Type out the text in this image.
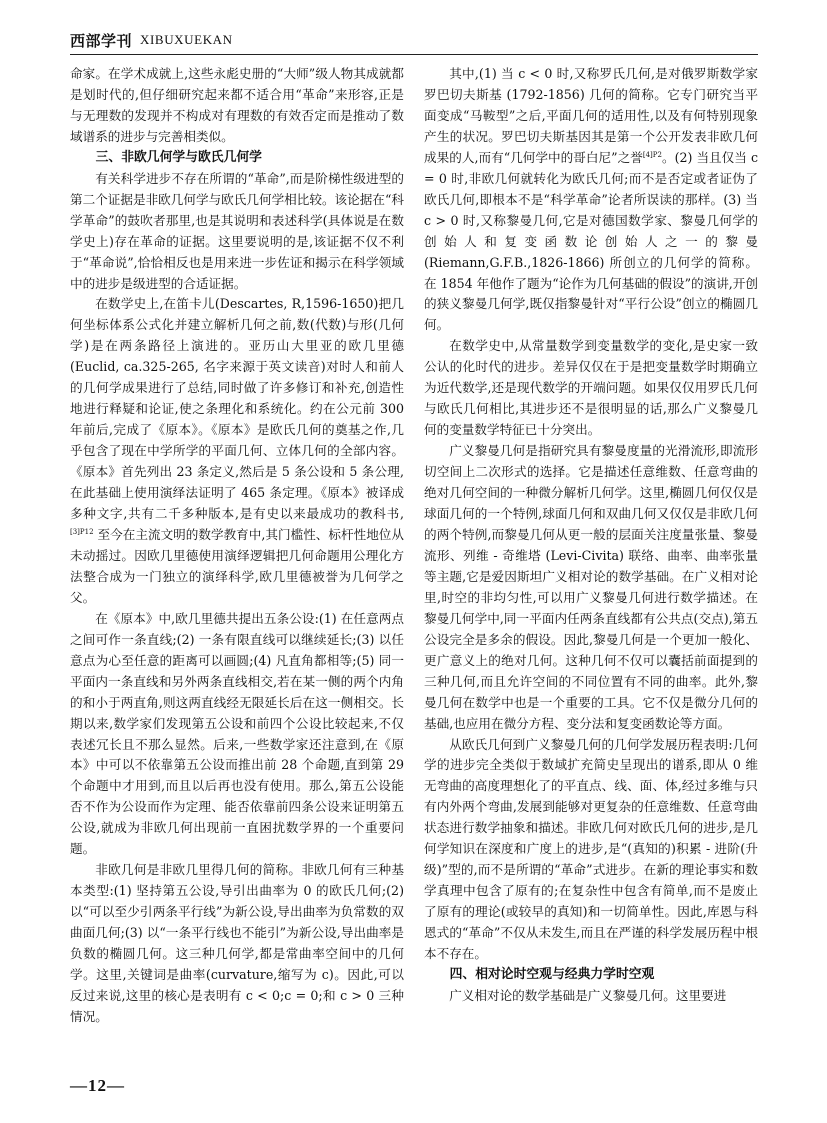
西部学刊 XIBUXUEKAN

命家。在学术成就上,这些永彪史册的“大师”级人物其成就都是划时代的,但仔细研究起来都不适合用“革命”来形容,正是与无理数的发现并不构成对有理数的有效否定而是推动了数域谱系的进步与完善相类似。

三、非欧几何学与欧氏几何学

有关科学进步不存在所谓的“革命”,而是阶梯性级进型的第二个证据是非欧几何学与欧氏几何学相比较。该论据在“科学革命”的鼓吹者那里,也是其说明和表述科学(具体说是在数学史上)存在革命的证据。这里要说明的是,该证据不仅不利于“革命说”,恰恰相反也是用来进一步佐证和揭示在科学领域中的进步是级进型的合适证据。

在数学史上,在笛卡儿(Descartes, R,1596-1650)把几何坐标体系公式化并建立解析几何之前,数(代数)与形(几何学)是在两条路径上演进的。亚历山大里亚的欧几里德(Euclid, ca.325-265, 名字来源于英文读音)对时人和前人的几何学成果进行了总结,同时做了许多修订和补充,创造性地进行释疑和论证,使之条理化和系统化。约在公元前 300 年前后,完成了《原本》。《原本》是欧氏几何的奠基之作,几乎包含了现在中学所学的平面几何、立体几何的全部内容。《原本》首先列出 23 条定义,然后是 5 条公设和 5 条公理,在此基础上使用演绎法证明了 465 条定理。《原本》被译成多种文字,共有二千多种版本,是有史以来最成功的教科书,$^{[3]P12}$ 至今在主流文明的数学教育中,其门槛性、标杆性地位从未动摇过。因欧几里德使用演绎逻辑把几何命题用公理化方法整合成为一门独立的演绎科学,欧几里德被誉为几何学之父。

在《原本》中,欧几里德共提出五条公设:(1) 在任意两点之间可作一条直线;(2) 一条有限直线可以继续延长;(3) 以任意点为心至任意的距离可以画圆;(4) 凡直角都相等;(5) 同一平面内一条直线和另外两条直线相交,若在某一侧的两个内角的和小于两直角,则这两直线经无限延长后在这一侧相交。长期以来,数学家们发现第五公设和前四个公设比较起来,不仅表述冗长且不那么显然。后来,一些数学家还注意到,在《原本》中可以不依靠第五公设而推出前 28 个命题,直到第 29 个命题中才用到,而且以后再也没有使用。那么,第五公设能否不作为公设而作为定理、能否依靠前四条公设来证明第五公设,就成为非欧几何出现前一直困扰数学界的一个重要问题。

非欧几何是非欧几里得几何的简称。非欧几何有三种基本类型:(1) 坚持第五公设,导引出曲率为 0 的欧氏几何;(2) 以“可以至少引两条平行线”为新公设,导出曲率为负常数的双曲面几何;(3) 以“一条平行线也不能引”为新公设,导出曲率是负数的椭圆几何。这三种几何学,都是常曲率空间中的几何学。这里,关键词是曲率(curvature,缩写为 c)。因此,可以反过来说,这里的核心是表明有 c < 0;c = 0;和 c > 0 三种情况。

其中,(1) 当 c < 0 时,又称罗氏几何,是对俄罗斯数学家罗巴切夫斯基 (1792-1856) 几何的简称。它专门研究当平面变成“马鞍型”之后,平面几何的适用性,以及有何特别现象产生的状况。罗巴切夫斯基因其是第一个公开发表非欧几何成果的人,而有“几何学中的哥白尼”之誉$^{[4]P2}$。(2) 当且仅当 c = 0 时,非欧几何就转化为欧氏几何;而不是否定或者证伪了欧氏几何,即根本不是“科学革命”论者所误读的那样。(3) 当 c > 0 时,又称黎曼几何,它是对德国数学家、黎曼几何学的创始人和复变函数论创始人之一的黎曼 (Riemann,G.F.B.,1826-1866) 所创立的几何学的简称。在 1854 年他作了题为“论作为几何基础的假设”的演讲,开创的狭义黎曼几何学,既仅指黎曼针对“平行公设”创立的椭圆几何。

在数学史中,从常量数学到变量数学的变化,是史家一致公认的化时代的进步。差异仅仅在于是把变量数学时期确立为近代数学,还是现代数学的开端问题。如果仅仅用罗氏几何与欧氏几何相比,其进步还不是很明显的话,那么广义黎曼几何的变量数学特征已十分突出。

广义黎曼几何是指研究具有黎曼度量的光滑流形,即流形切空间上二次形式的选择。它是描述任意维数、任意弯曲的绝对几何空间的一种微分解析几何学。这里,椭圆几何仅仅是球面几何的一个特例,球面几何和双曲几何又仅仅是非欧几何的两个特例,而黎曼几何从更一般的层面关注度量张量、黎曼流形、列维 - 奇维塔 (Levi-Civita) 联络、曲率、曲率张量等主题,它是爱因斯坦广义相对论的数学基础。在广义相对论里,时空的非均匀性,可以用广义黎曼几何进行数学描述。在黎曼几何学中,同一平面内任两条直线都有公共点(交点),第五公设完全是多余的假设。因此,黎曼几何是一个更加一般化、更广意义上的绝对几何。这种几何不仅可以囊括前面提到的三种几何,而且允许空间的不同位置有不同的曲率。此外,黎曼几何在数学中也是一个重要的工具。它不仅是微分几何的基础,也应用在微分方程、变分法和复变函数论等方面。

从欧氏几何到广义黎曼几何的几何学发展历程表明:几何学的进步完全类似于数域扩充简史呈现出的谱系,即从 0 维无弯曲的高度理想化了的平直点、线、面、体,经过多维与只有内外两个弯曲,发展到能够对更复杂的任意维数、任意弯曲状态进行数学抽象和描述。非欧几何对欧氏几何的进步,是几何学知识在深度和广度上的进步,是“(真知的)积累 - 进阶(升级)”型的,而不是所谓的“革命”式进步。在新的理论事实和数学真理中包含了原有的;在复杂性中包含有简单,而不是废止了原有的理论(或较早的真知)和一切简单性。因此,库恩与科恩式的“革命”不仅从未发生,而且在严谨的科学发展历程中根本不存在。

四、相对论时空观与经典力学时空观

广义相对论的数学基础是广义黎曼几何。这里要进

—12—
